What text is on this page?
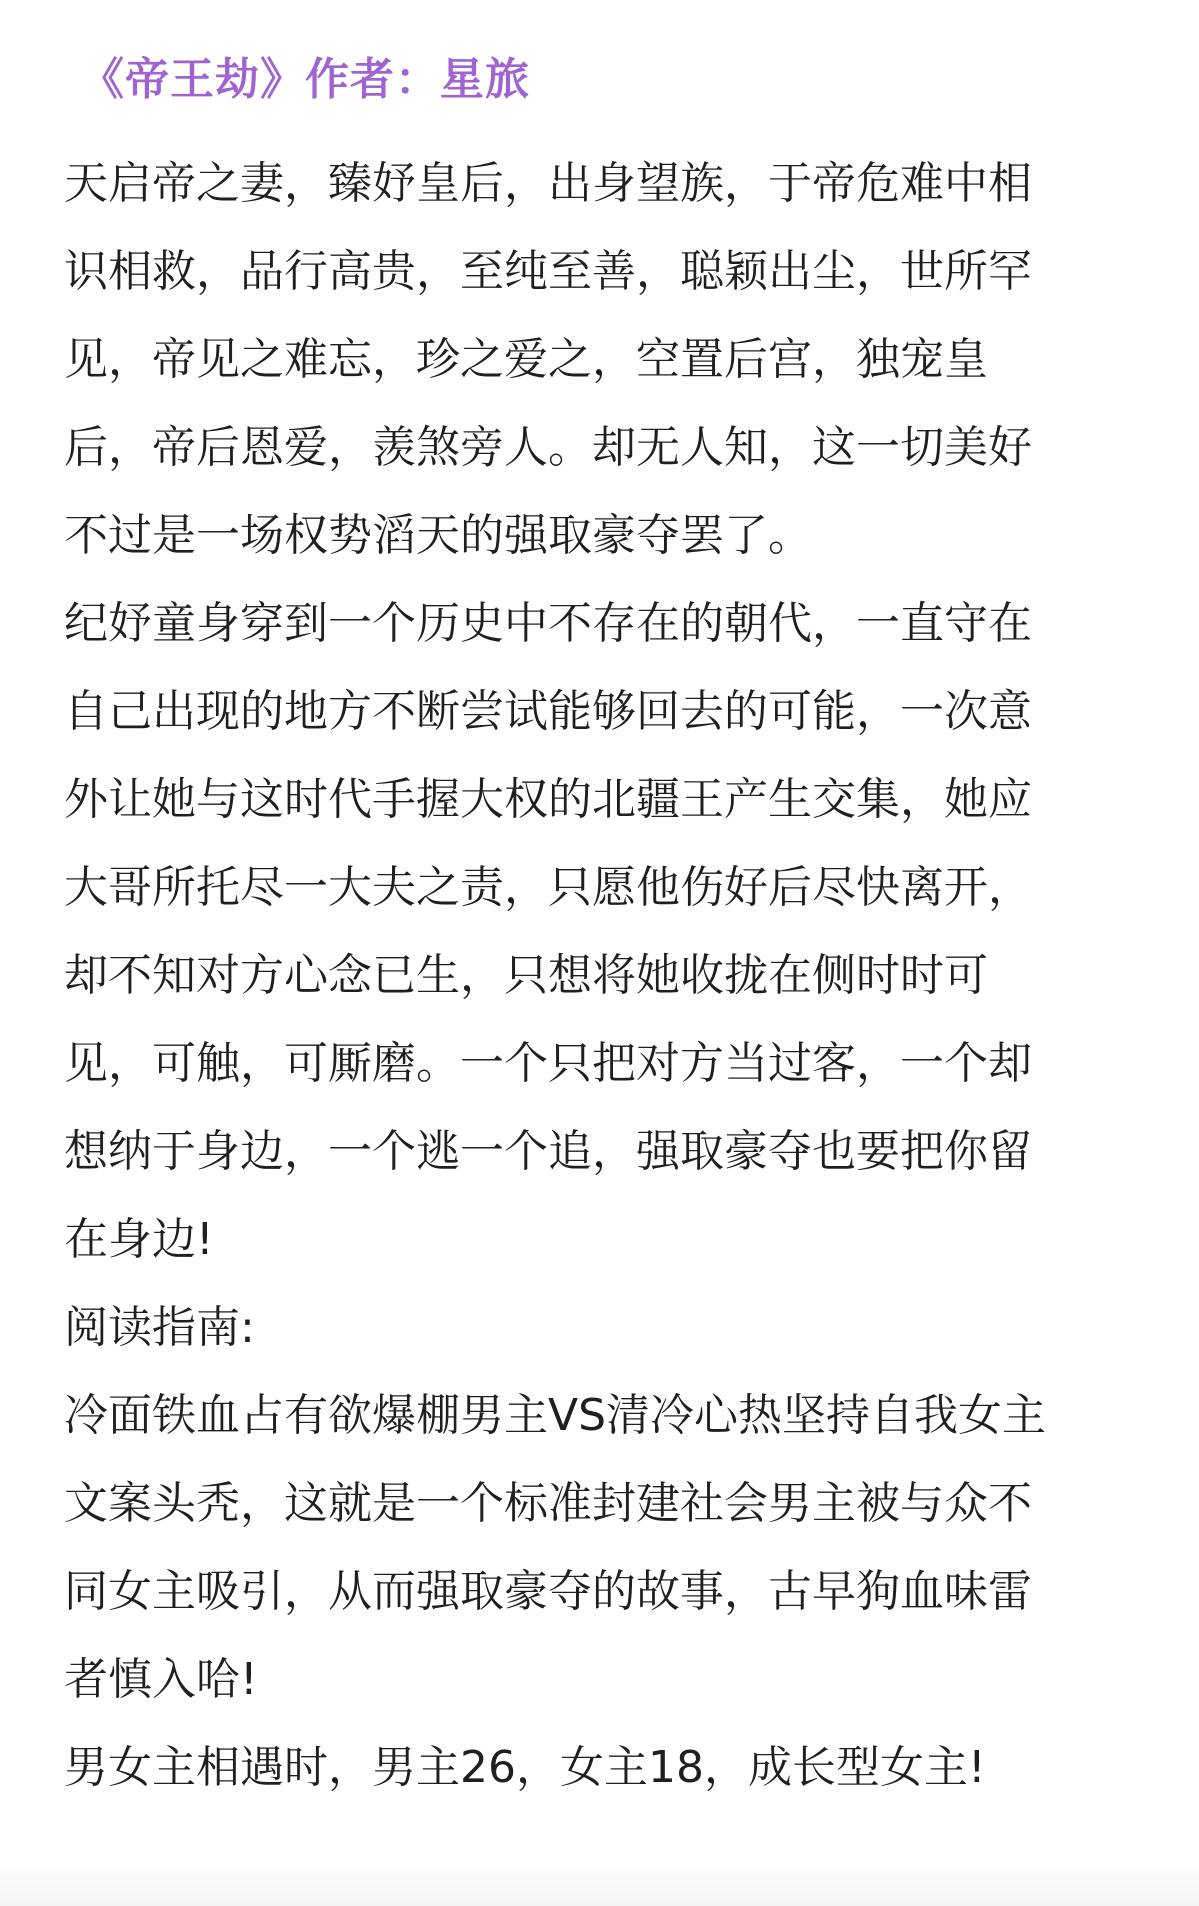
《帝王劫》作者：星旅
天启帝之妻，臻妤皇后，出身望族，于帝危难中相
识相救，品行高贵，至纯至善，聪颖出尘，世所罕
见，帝见之难忘，珍之爱之，空置后宫，独宠皇
后，帝后恩爱，羡煞旁人。却无人知，这一切美好
不过是一场权势滔天的强取豪夺罢了。
纪妤童身穿到一个历史中不存在的朝代，一直守在
自己出现的地方不断尝试能够回去的可能，一次意
外让她与这时代手握大权的北疆王产生交集，她应
大哥所托尽一大夫之责，只愿他伤好后尽快离开，
却不知对方心念已生，只想将她收拢在侧时时可
见，可触，可厮磨。一个只把对方当过客，一个却
想纳于身边，一个逃一个追，强取豪夺也要把你留
在身边!
阅读指南:
冷面铁血占有欲爆棚男主VS清冷心热坚持自我女主
文案头秃，这就是一个标准封建社会男主被与众不
同女主吸引，从而强取豪夺的故事，古早狗血味雷
者慎入哈!
男女主相遇时，男主26，女主18，成长型女主!
